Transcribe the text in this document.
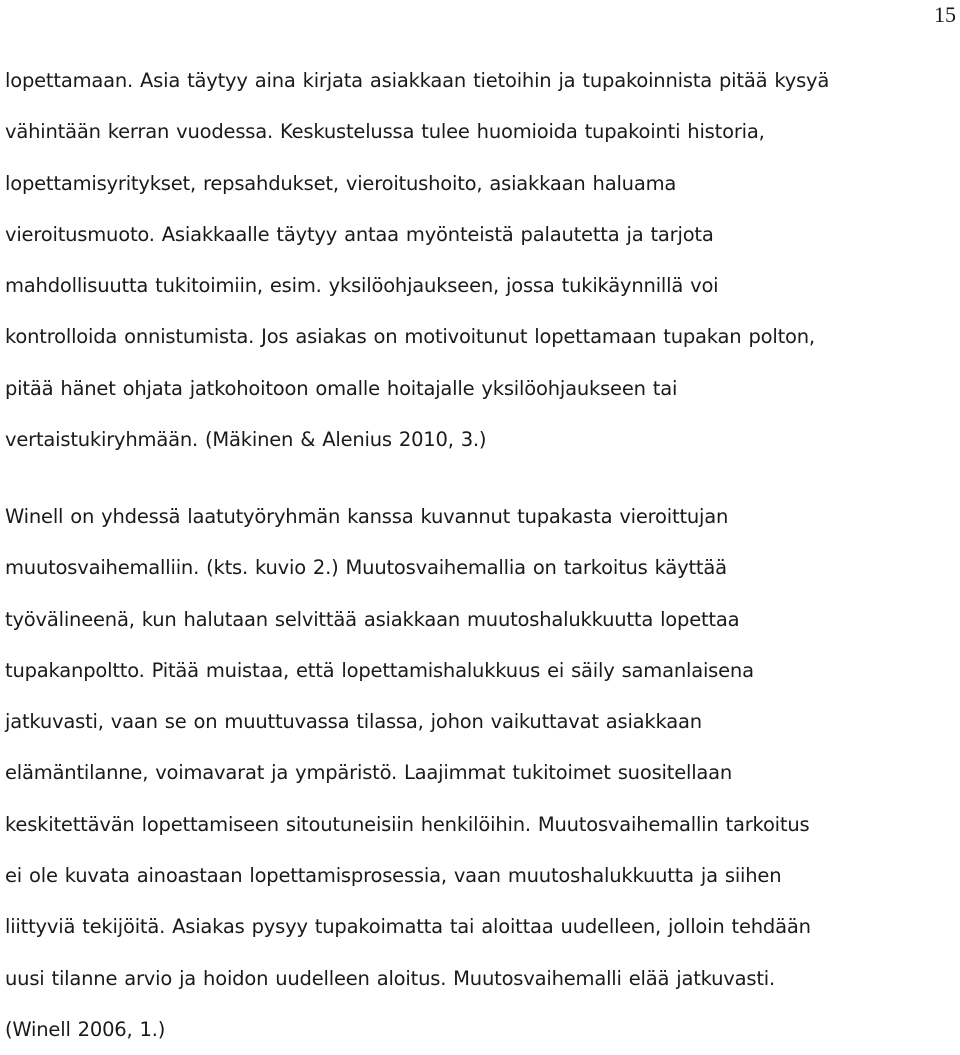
15
lopettamaan. Asia täytyy aina kirjata asiakkaan tietoihin ja tupakoinnista pitää kysyä
vähintään kerran vuodessa. Keskustelussa tulee huomioida tupakointi historia,
lopettamisyritykset, repsahdukset, vieroitushoito, asiakkaan haluama
vieroitusmuoto. Asiakkaalle täytyy antaa myönteistä palautetta ja tarjota
mahdollisuutta tukitoimiin, esim. yksilöohjaukseen, jossa tukikäynnillä voi
kontrolloida onnistumista. Jos asiakas on motivoitunut lopettamaan tupakan polton,
pitää hänet ohjata jatkohoitoon omalle hoitajalle yksilöohjaukseen tai
vertaistukiryhmään. (Mäkinen & Alenius 2010, 3.)
Winell on yhdessä laatutyöryhmän kanssa kuvannut tupakasta vieroittujan
muutosvaihemalliin. (kts. kuvio 2.) Muutosvaihemallia on tarkoitus käyttää
työvälineenä, kun halutaan selvittää asiakkaan muutoshalukkuutta lopettaa
tupakanpoltto. Pitää muistaa, että lopettamishalukkuus ei säily samanlaisena
jatkuvasti, vaan se on muuttuvassa tilassa, johon vaikuttavat asiakkaan
elämäntilanne, voimavarat ja ympäristö. Laajimmat tukitoimet suositellaan
keskitettävän lopettamiseen sitoutuneisiin henkilöihin. Muutosvaihemallin tarkoitus
ei ole kuvata ainoastaan lopettamisprosessia, vaan muutoshalukkuutta ja siihen
liittyviä tekijöitä. Asiakas pysyy tupakoimatta tai aloittaa uudelleen, jolloin tehdään
uusi tilanne arvio ja hoidon uudelleen aloitus. Muutosvaihemalli elää jatkuvasti.
(Winell 2006, 1.)
